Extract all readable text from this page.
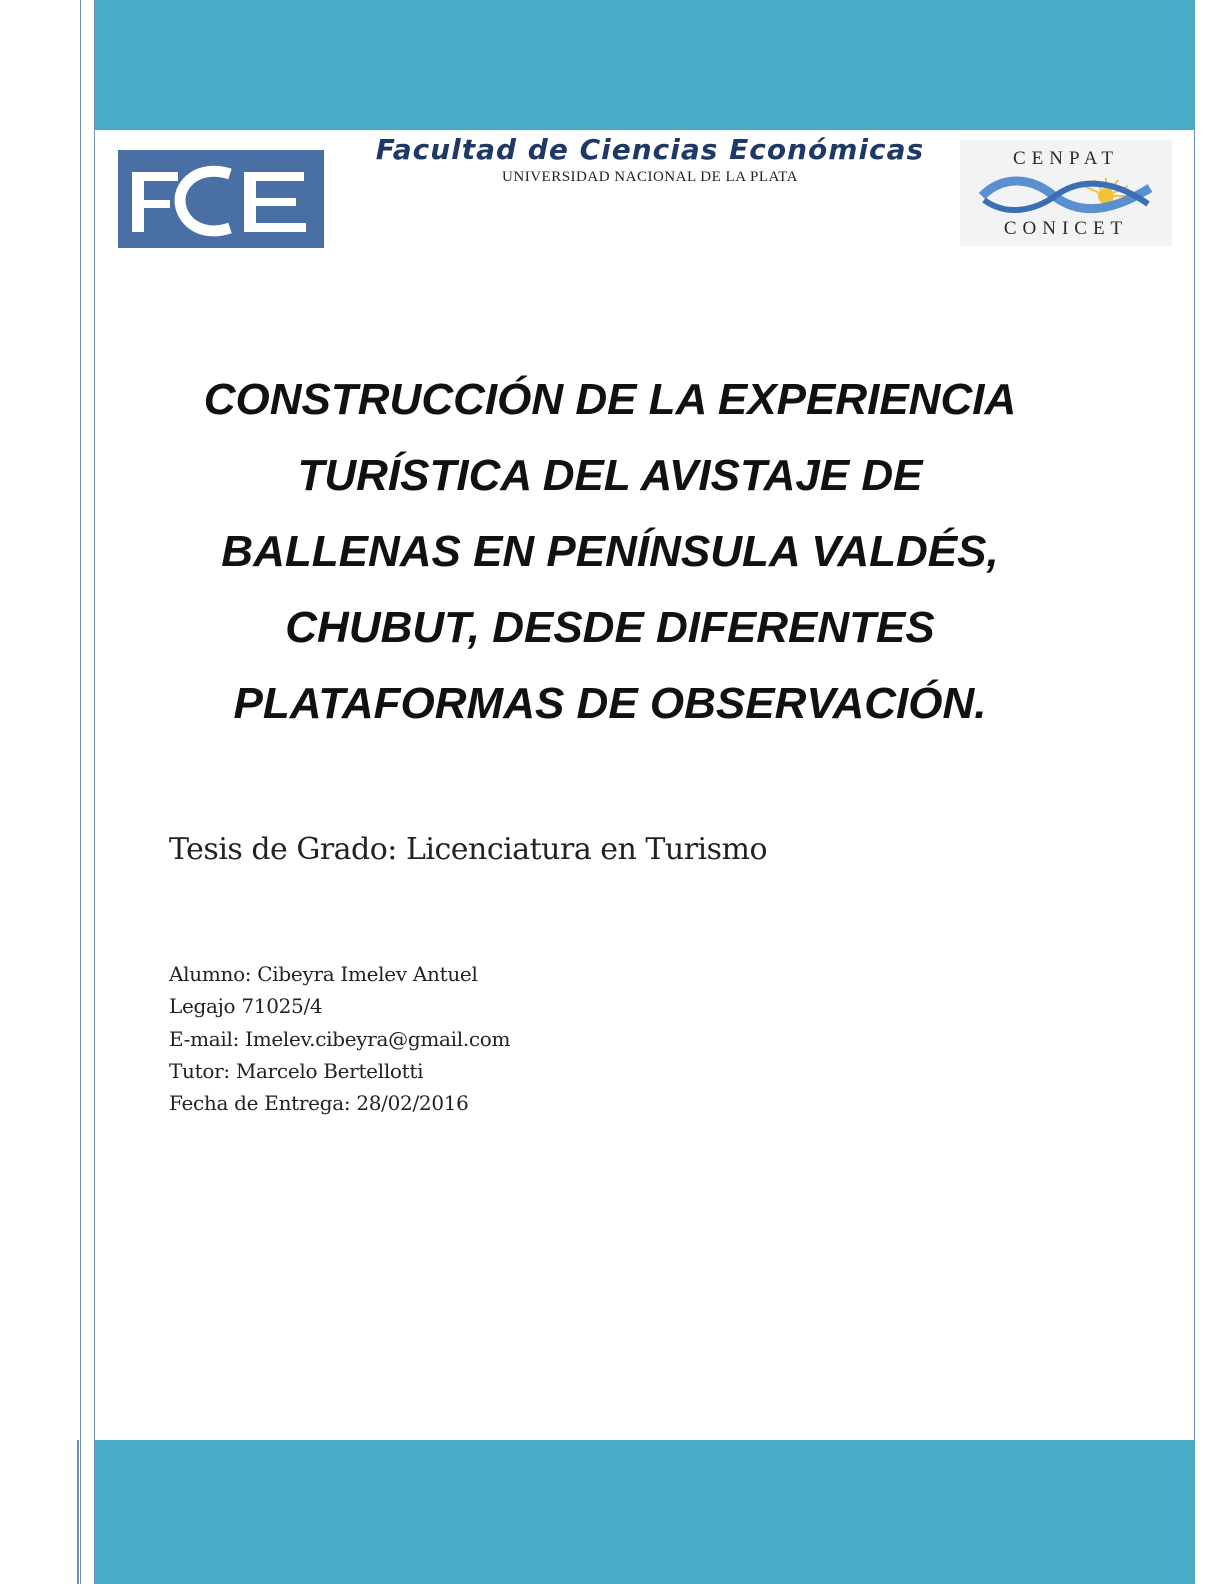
Facultad de Ciencias Económicas
UNIVERSIDAD NACIONAL DE LA PLATA
CENPAT
CONICET
CONSTRUCCIÓN DE LA EXPERIENCIA
TURÍSTICA DEL AVISTAJE DE
BALLENAS EN PENÍNSULA VALDÉS,
CHUBUT, DESDE DIFERENTES
PLATAFORMAS DE OBSERVACIÓN.
Tesis de Grado: Licenciatura en Turismo
Alumno: Cibeyra Imelev Antuel
Legajo 71025/4
E-mail: Imelev.cibeyra@gmail.com
Tutor: Marcelo Bertellotti
Fecha de Entrega: 28/02/2016
